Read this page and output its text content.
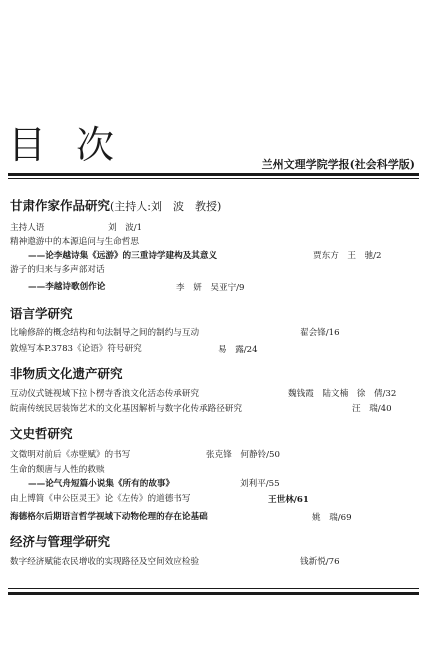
目 次	兰州文理学院学报(社会科学版)
甘肃作家作品研究(主持人:刘　波　教授)
主持人语	刘　波/1
精神遨游中的本源追问与生命哲思
——论李越诗集《远游》的三重诗学建构及其意义	贾东方　王　驰/2
游子的归来与多声部对话
——李越诗歌创作论	李　妍　吴亚宁/9
语言学研究
比喻修辞的概念结构和句法制导之间的制约与互动	翟会锋/16
敦煌写本P.3783《论语》符号研究	易　露/24
非物质文化遗产研究
互动仪式链视域下拉卜楞寺香浪文化活态传承研究	魏钱霞　陆文楠　徐　倩/32
皖南传统民居装饰艺术的文化基因解析与数字化传承路径研究	汪　瑞/40
文史哲研究
文徵明对前后《赤壁赋》的书写	张克锋　何静铃/50
生命的颓唐与人性的救赎
——论气舟短篇小说集《所有的故事》	刘利平/55
由上博简《申公臣灵王》论《左传》的道德书写	王世林/61
海德格尔后期语言哲学视域下动物伦理的存在论基础	姚　瑞/69
经济与管理学研究
数字经济赋能农民增收的实现路径及空间效应检验	钱新悦/76
